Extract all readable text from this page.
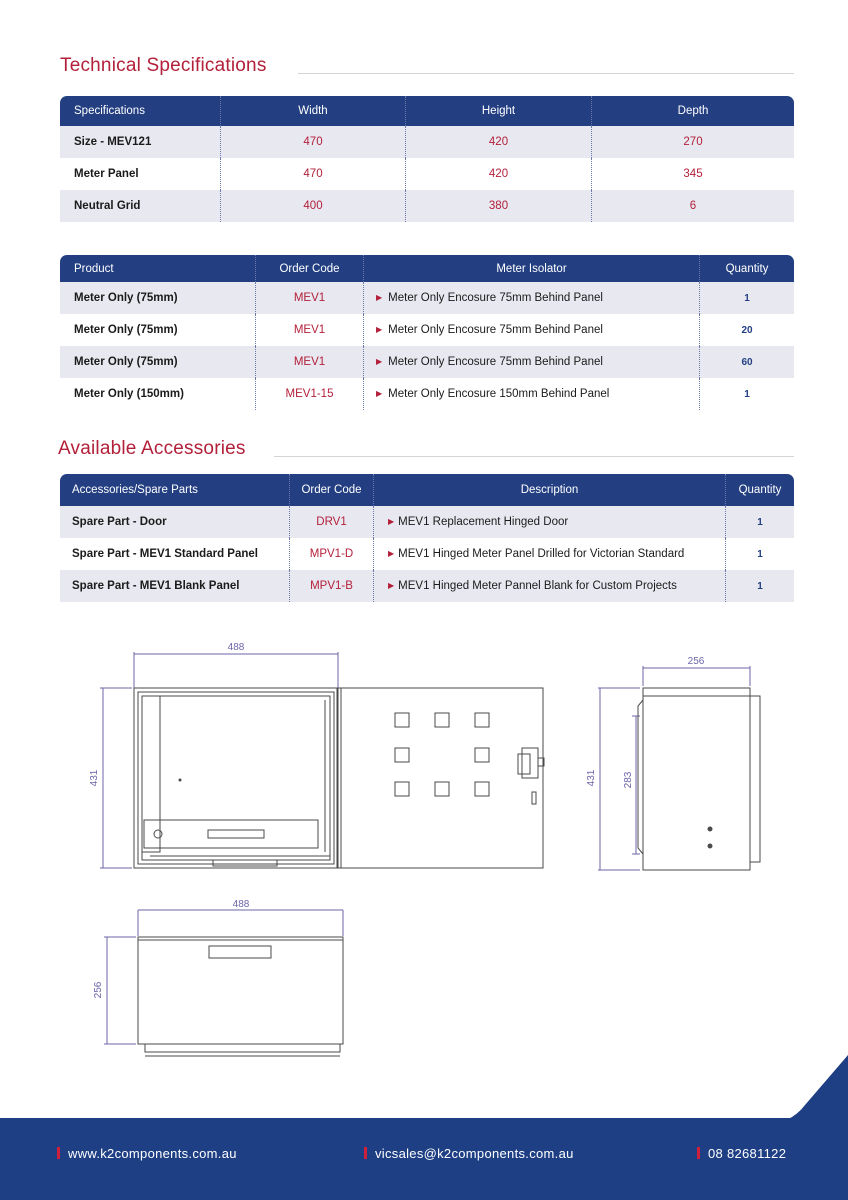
Technical Specifications
Specifications	Width	Height	Depth
Size - MEV121	470	420	270
Meter Panel	470	420	345
Neutral Grid	400	380	6
Product	Order Code	Meter Isolator	Quantity
Meter Only (75mm)	MEV1	▶ Meter Only Encosure 75mm Behind Panel	1
Meter Only (75mm)	MEV1	▶ Meter Only Encosure 75mm Behind Panel	20
Meter Only (75mm)	MEV1	▶ Meter Only Encosure 75mm Behind Panel	60
Meter Only (150mm)	MEV1-15	▶ Meter Only Encosure 150mm Behind Panel	1
Available Accessories
Accessories/Spare Parts	Order Code	Description	Quantity
Spare Part - Door	DRV1	▶ MEV1 Replacement Hinged Door	1
Spare Part - MEV1 Standard Panel	MPV1-D	▶ MEV1 Hinged Meter Panel Drilled for Victorian Standard	1
Spare Part - MEV1 Blank Panel	MPV1-B	▶ MEV1 Hinged Meter Pannel Blank for Custom Projects	1
488
431
256
431	283
488
256
www.k2components.com.au	vicsales@k2components.com.au	08 82681122
